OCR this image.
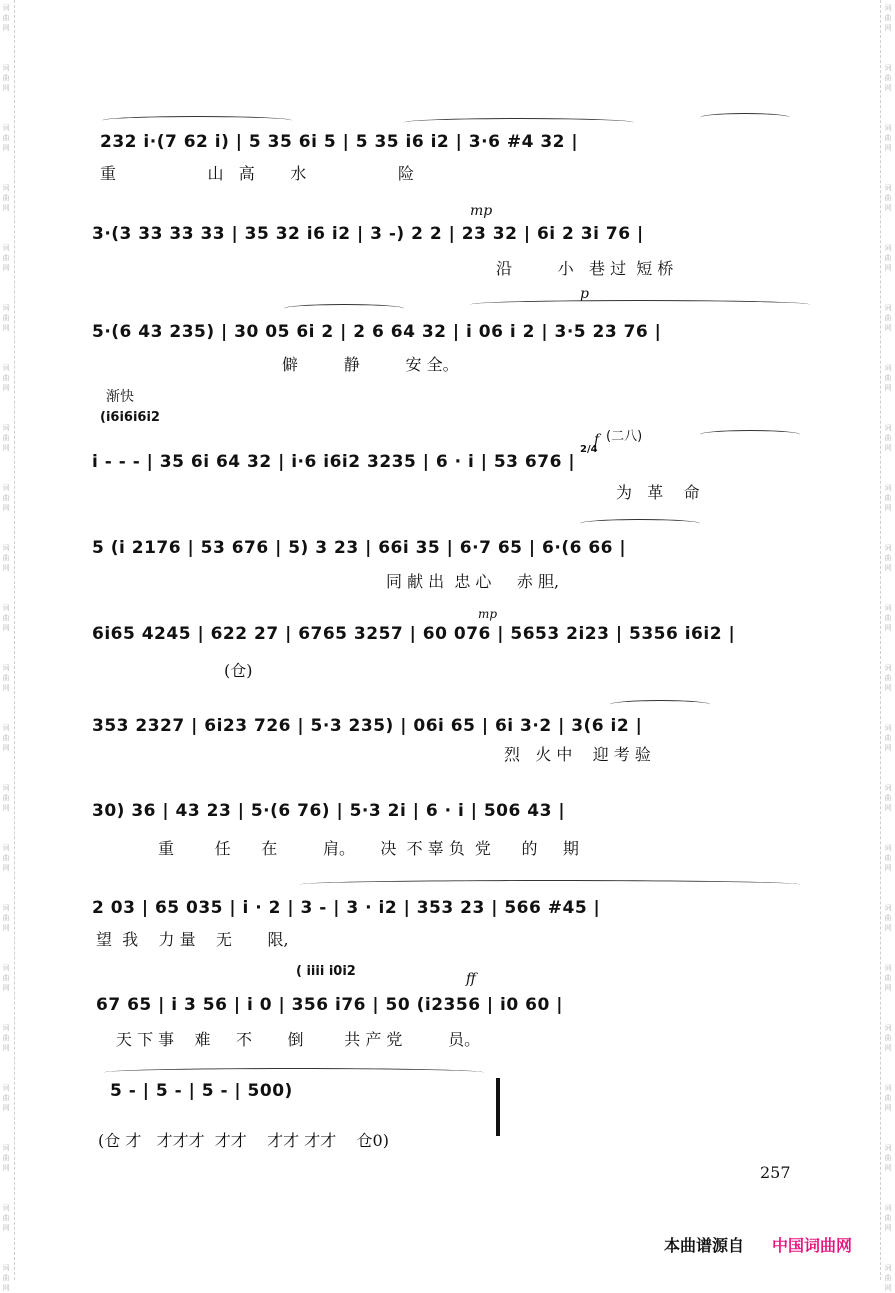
词
曲
网
词
曲
网
词
曲
网
词
曲
网
词
曲
网
词
曲
网
词
曲
网
词
曲
网
词
曲
网
词
曲
网
词
曲
网
词
曲
网
词
曲
网
词
曲
网
词
曲
网
词
曲
网
词
曲
网
词
曲
网
词
曲
网
词
曲
网
词
曲
网
词
曲
网
词
曲
网
词
曲
网
词
曲
网
词
曲
网
词
曲
网
词
曲
网
词
曲
网
词
曲
网
词
曲
网
词
曲
网
词
曲
网
词
曲
网
词
曲
网
词
曲
网
词
曲
网
词
曲
网
词
曲
网
词
曲
网
词
曲
网
词
曲
网
词
曲
网
词
曲
网
mp
p
渐快
f (二八)
2/4
mp
ff
232 i·(7 62 i) | 5 35 6i 5 | 5 35 i6 i2 | 3·6 #4 32 |
重                  山   高       水                  险
3·(3 33 33 33 | 35 32 i6 i2 | 3 -) 2 2 | 23 32 | 6i 2 3i 76 |
沿         小   巷 过  短 桥
5·(6 43 235) | 30 05 6i 2 | 2 6 64 32 | i 06 i 2 | 3·5 23 76 |
僻         静         安 全。
(i6i6i6i2
i - - - | 35 6i 64 32 | i·6 i6i2 3235 | 6 · i | 53 676 |
为   革    命
5 (i 2176 | 53 676 | 5) 3 23 | 66i 35 | 6·7 65 | 6·(6 66 |
同 献 出  忠 心     赤 胆,
6i65 4245 | 622 27 | 6765 3257 | 60 076 | 5653 2i23 | 5356 i6i2 |
(仓)
353 2327 | 6i23 726 | 5·3 235) | 06i 65 | 6i 3·2 | 3(6 i2 |
烈   火 中    迎 考 验
30) 36 | 43 23 | 5·(6 76) | 5·3 2i | 6 · i | 506 43 |
重        任      在         肩。     决  不 辜 负  党      的     期
2 03 | 65 035 | i · 2 | 3 - | 3 · i2 | 353 23 | 566 #45 |
望  我    力 量    无       限,
( iiii i0i2
67 65 | i 3 56 | i 0 | 356 i76 | 50 (i2356 | i0 60 |
天 下 事    难     不       倒        共 产 党         员。
5 - | 5 - | 5 - | 500)
(仓 才   才才才  才才    才才 才才    仓0)
257
本曲谱源自 中国词曲网
